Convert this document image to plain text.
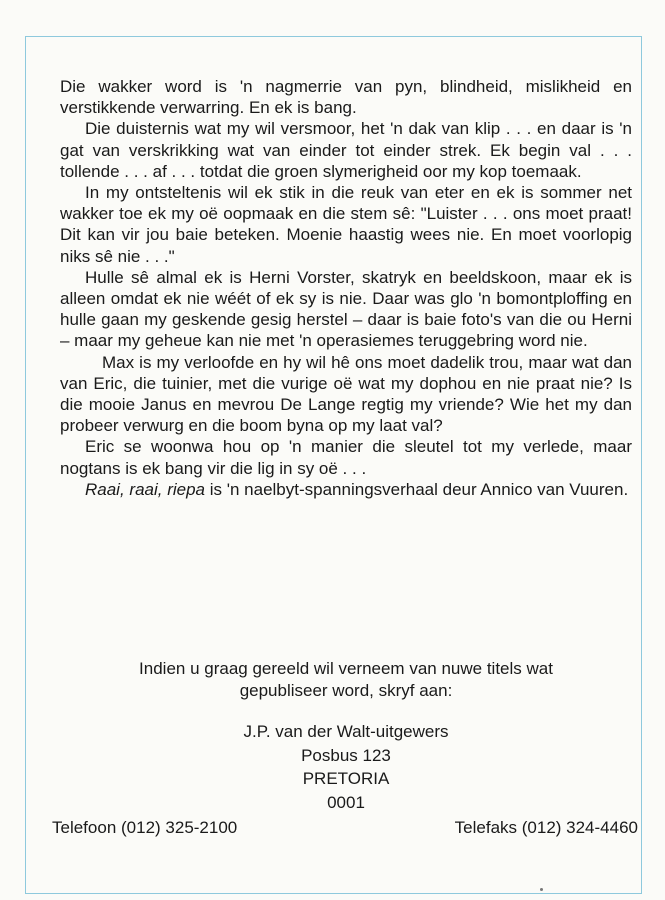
Die wakker word is 'n nagmerrie van pyn, blindheid, mislikheid en verstikkende verwarring. En ek is bang.

Die duisternis wat my wil versmoor, het 'n dak van klip . . . en daar is 'n gat van verskrikking wat van einder tot einder strek. Ek begin val . . . tollende . . . af . . . totdat die groen slymerigheid oor my kop toemaak.

In my ontsteltenis wil ek stik in die reuk van eter en ek is sommer net wakker toe ek my oë oopmaak en die stem sê: "Luister . . . ons moet praat! Dit kan vir jou baie beteken. Moenie haastig wees nie. En moet voorlopig niks sê nie . . ."

Hulle sê almal ek is Herni Vorster, skatryk en beeldskoon, maar ek is alleen omdat ek nie wéét of ek sy is nie. Daar was glo 'n bomontploffing en hulle gaan my geskende gesig herstel – daar is baie foto's van die ou Herni – maar my geheue kan nie met 'n operasiemes teruggebring word nie.

Max is my verloofde en hy wil hê ons moet dadelik trou, maar wat dan van Eric, die tuinier, met die vurige oë wat my dophou en nie praat nie? Is die mooie Janus en mevrou De Lange regtig my vriende? Wie het my dan probeer verwurg en die boom byna op my laat val?

Eric se woonwa hou op 'n manier die sleutel tot my verlede, maar nogtans is ek bang vir die lig in sy oë . . .

Raai, raai, riepa is 'n naelbyt-spanningsverhaal deur Annico van Vuuren.

Indien u graag gereeld wil verneem van nuwe titels wat
gepubliseer word, skryf aan:
J.P. van der Walt-uitgewers
Posbus 123
PRETORIA
0001
Telefoon (012) 325-2100	Telefaks (012) 324-4460
